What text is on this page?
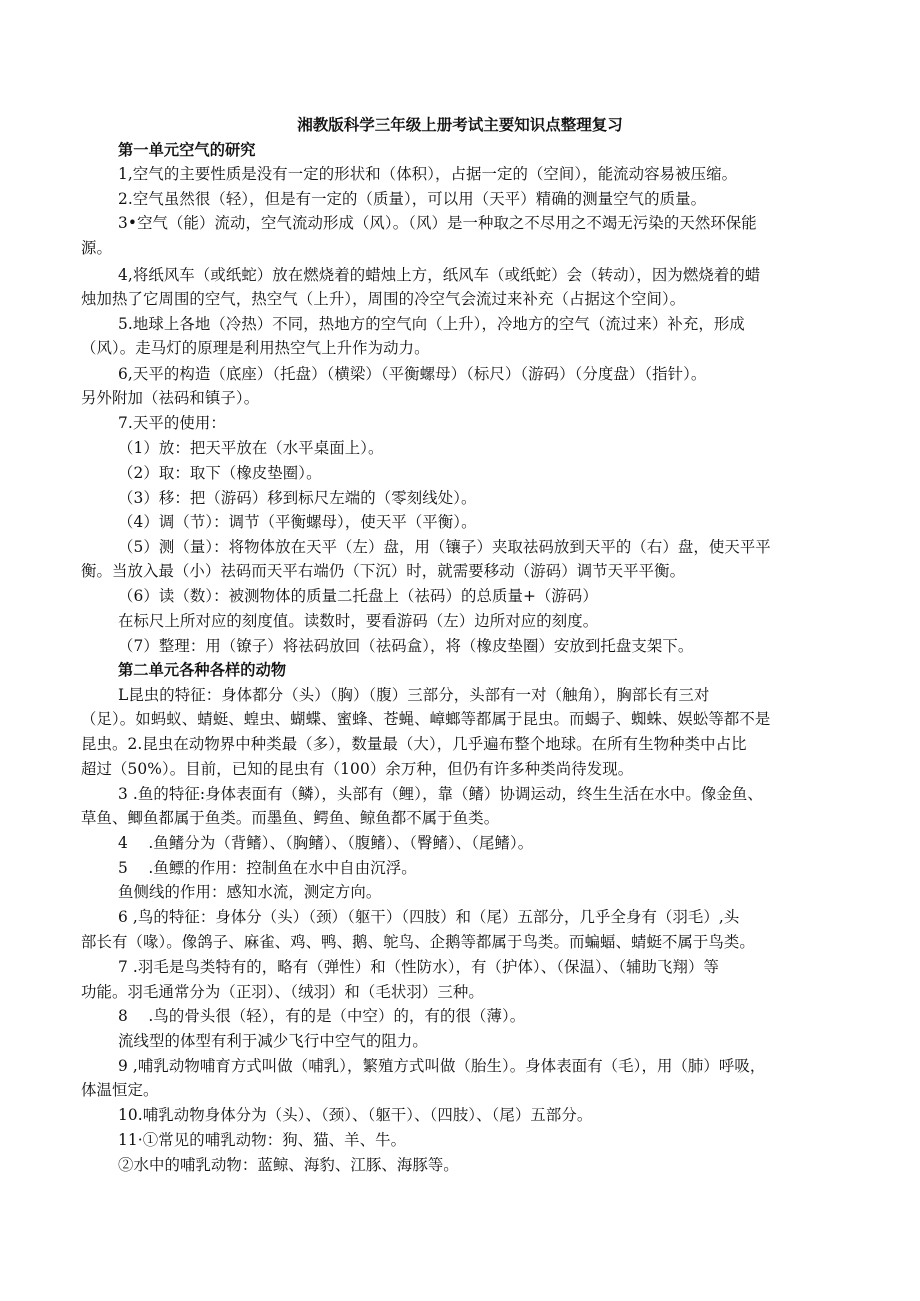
湘教版科学三年级上册考试主要知识点整理复习
第一单元空气的研究
1,空气的主要性质是没有一定的形状和（体积），占据一定的（空间），能流动容易被压缩。
2.空气虽然很（轻），但是有一定的（质量），可以用（天平）精确的测量空气的质量。
3•空气（能）流动，空气流动形成（风）。（风）是一种取之不尽用之不竭无污染的天然环保能
源。
4,将纸风车（或纸蛇）放在燃烧着的蜡烛上方，纸风车（或纸蛇）会（转动），因为燃烧着的蜡
烛加热了它周围的空气，热空气（上升），周围的冷空气会流过来补充（占据这个空间）。
5.地球上各地（冷热）不同，热地方的空气向（上升），冷地方的空气（流过来）补充，形成
（风）。走马灯的原理是利用热空气上升作为动力。
6,天平的构造（底座）（托盘）（横梁）（平衡螺母）（标尺）（游码）（分度盘）（指针）。
另外附加（祛码和镇子）。
7.天平的使用：
（1）放：把天平放在（水平桌面上）。
（2）取：取下（橡皮垫圈）。
（3）移：把（游码）移到标尺左端的（零刻线处）。
（4）调（节）：调节（平衡螺母），使天平（平衡）。
（5）测（量）：将物体放在天平（左）盘，用（镶子）夹取祛码放到天平的（右）盘，使天平平
衡。当放入最（小）祛码而天平右端仍（下沉）时，就需要移动（游码）调节天平平衡。
（6）读（数）：被测物体的质量二托盘上（祛码）的总质量+（游码）
在标尺上所对应的刻度值。读数时，要看游码（左）边所对应的刻度。
（7）整理：用（镣子）将祛码放回（祛码盒），将（橡皮垫圈）安放到托盘支架下。
第二单元各种各样的动物
L昆虫的特征：身体都分（头）（胸）（腹）三部分，头部有一对（触角），胸部长有三对
（足）。如蚂蚁、蜻蜓、蝗虫、蝴蝶、蜜蜂、苍蝇、嶂螂等都属于昆虫。而蝎子、蜘蛛、娱蚣等都不是
昆虫。2.昆虫在动物界中种类最（多），数量最（大），几乎遍布整个地球。在所有生物种类中占比
超过（50%）。目前，已知的昆虫有（100）余万种，但仍有许多种类尚待发现。
3 .鱼的特征:身体表面有（鳞），头部有（鲤），靠（鳍）协调运动，终生生活在水中。像金鱼、
草鱼、鲫鱼都属于鱼类。而墨鱼、鳄鱼、鲸鱼都不属于鱼类。
4　 .鱼鳍分为（背鳍）、（胸鳍）、（腹鳍）、（臀鳍）、（尾鳍）。
5　 .鱼鳔的作用：控制鱼在水中自由沉浮。
鱼侧线的作用：感知水流，测定方向。
6 ,鸟的特征：身体分（头）（颈）（躯干）（四肢）和（尾）五部分，几乎全身有（羽毛）,头
部长有（喙）。像鸽子、麻雀、鸡、鸭、鹅、鸵鸟、企鹅等都属于鸟类。而蝙蝠、蜻蜓不属于鸟类。
7 .羽毛是鸟类特有的，略有（弹性）和（性防水），有（护体）、（保温）、（辅助飞翔）等
功能。羽毛通常分为（正羽）、（绒羽）和（毛状羽）三种。
8　 .鸟的骨头很（轻），有的是（中空）的，有的很（薄）。
流线型的体型有利于减少飞行中空气的阻力。
9 ,哺乳动物哺育方式叫做（哺乳），繁殖方式叫做（胎生）。身体表面有（毛），用（肺）呼吸，
体温恒定。
10.哺乳动物身体分为（头）、（颈）、（躯干）、（四肢）、（尾）五部分。
11·①常见的哺乳动物：狗、猫、羊、牛。
②水中的哺乳动物：蓝鲸、海豹、江豚、海豚等。
